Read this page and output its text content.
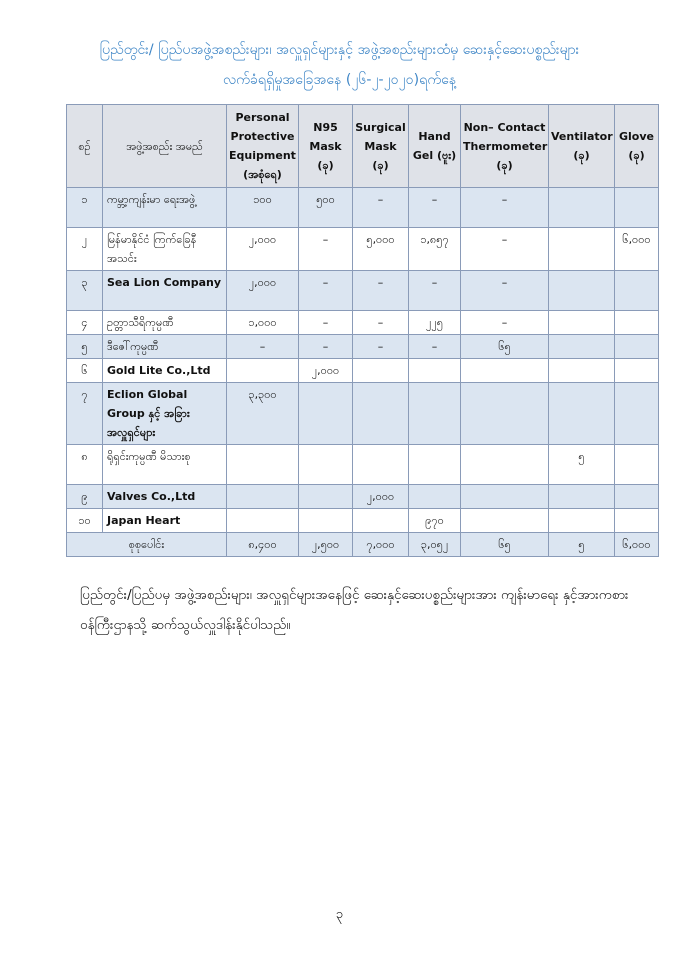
ပြည်တွင်း/ ပြည်ပအဖွဲ့အစည်းများ၊ အလှူရှင်များနှင့် အဖွဲ့အစည်းများထံမှ ဆေးနှင့်ဆေးပစ္စည်းများ
လက်ခံရရှိမှုအခြေအနေ (၂၆-၂-၂၀၂၀)ရက်နေ့
စဉ်	အဖွဲ့အစည်း အမည်	Personal Protective Equipment (အစုံရေ)	N95 Mask (ခု)	Surgical Mask (ခု)	Hand Gel (ဗူး)	Non– Contact Thermometer (ခု)	Ventilator (ခု)	Glove (ခု)
၁	ကမ္ဘာ့ကျန်းမာ ရေးအဖွဲ့	၁၀၀	၅၀၀	–	–	–		
၂	မြန်မာနိုင်ငံ ကြက်ခြေနီ အသင်း	၂,၀၀၀	–	၅,၀၀၀	၁,၈၅၇	–		၆,၀၀၀
၃	Sea Lion Company	၂,၀၀၀	–	–	–	–		
၄	ဥတ္တာသီရိကုမ္ပဏီ	၁,၀၀၀	–	–	၂၂၅	–		
၅	ဒီဇေါ်ကုမ္ပဏီ	–	–	–	–	၆၅		
၆	Gold Lite Co.,Ltd		၂,၀၀၀					
၇	Eclion Global Group နှင့် အခြား အလှူရှင်များ	၃,၃၀၀						
၈	ရိုရှင်းကုမ္ပဏီ မိသားစု						၅	
၉	Valves Co.,Ltd			၂,၀၀၀				
၁၀	Japan Heart				၉၇၀			
စုစုပေါင်း		၈,၄၀၀	၂,၅၀၀	၇,၀၀၀	၃,၀၅၂	၆၅	၅	၆,၀၀၀
ပြည်တွင်း/ပြည်ပမှ အဖွဲ့အစည်းများ၊ အလှူရှင်များအနေဖြင့် ဆေးနှင့်ဆေးပစ္စည်းများအား ကျန်းမာရေး နှင့်အားကစားဝန်ကြီးဌာနသို့ ဆက်သွယ်လှူဒါန်းနိုင်ပါသည်။
၃
